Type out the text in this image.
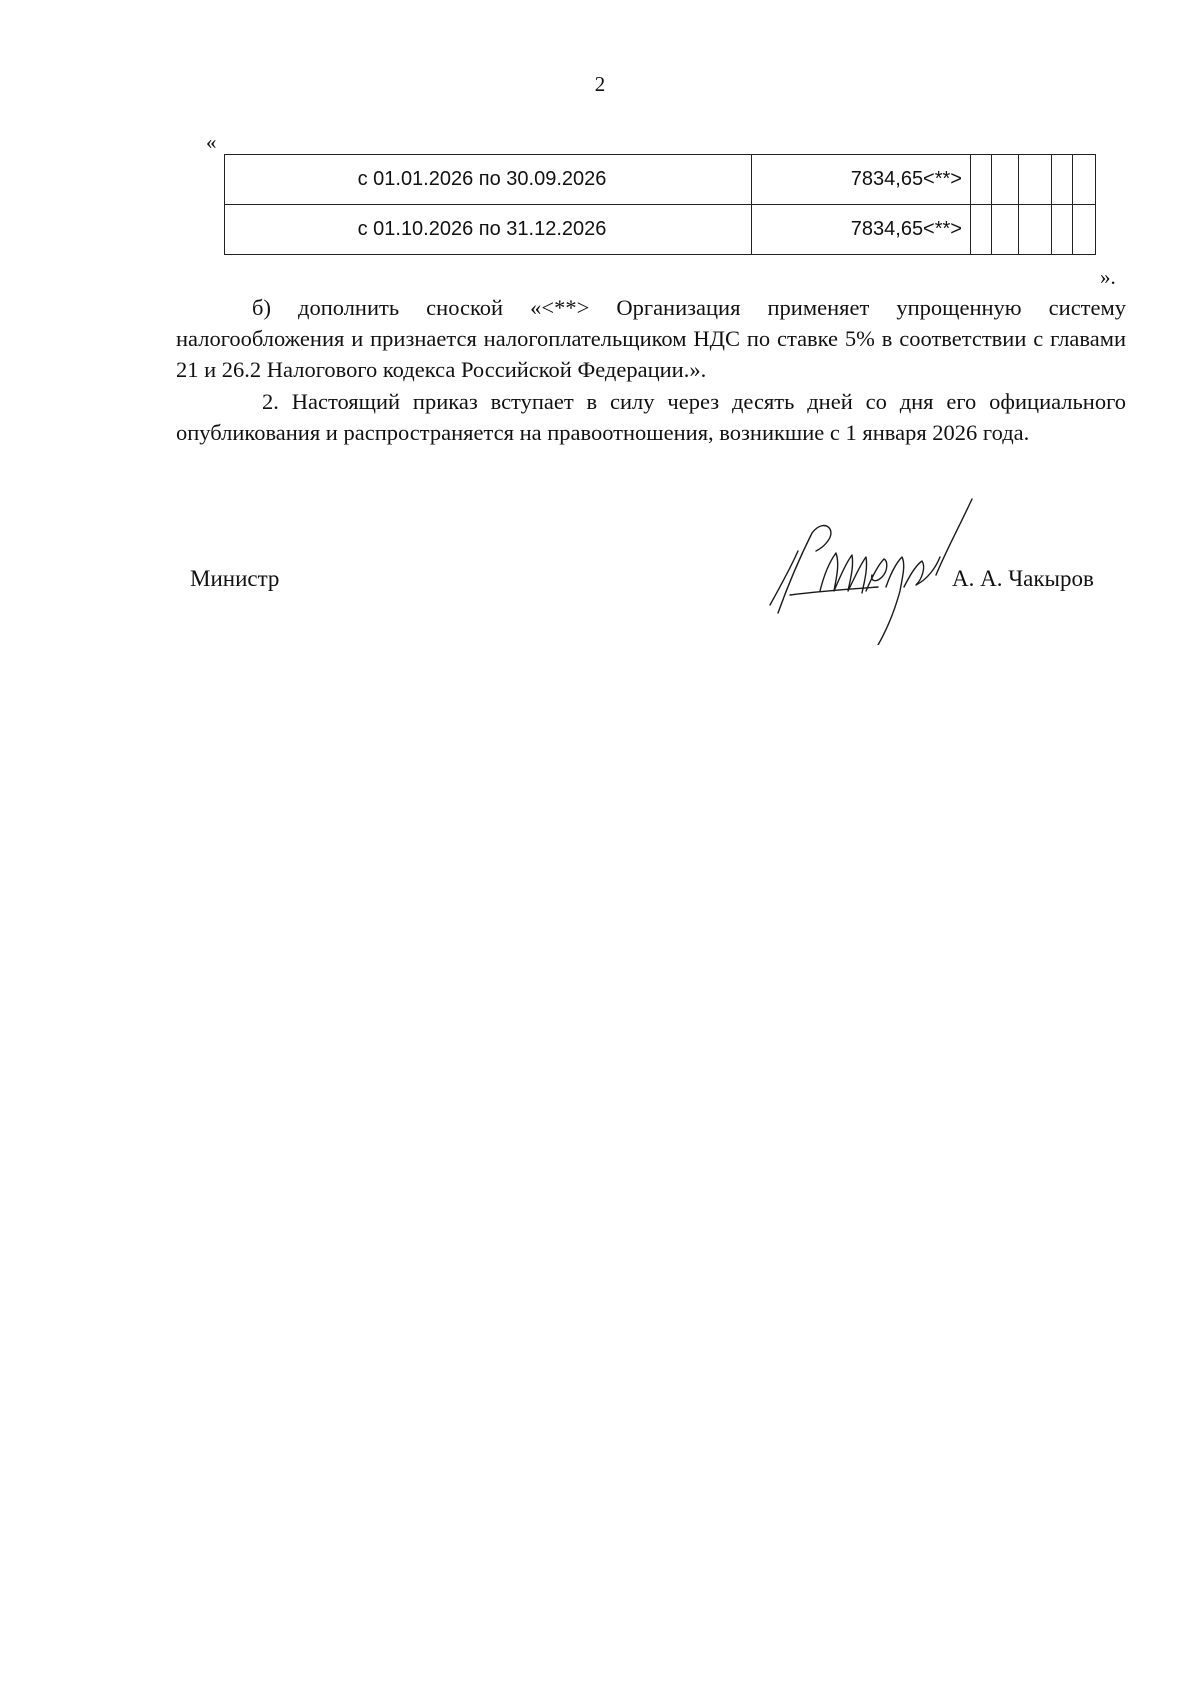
2
«
с 01.01.2026 по 30.09.2026	7834,65<**>					
с 01.10.2026 по 31.12.2026	7834,65<**>					
».

б) дополнить сноской «<**> Организация применяет упрощенную систему налогообложения и признается налогоплательщиком НДС по ставке 5% в соответствии с главами 21 и 26.2 Налогового кодекса Российской Федерации.».

2. Настоящий приказ вступает в силу через десять дней со дня его официального опубликования и распространяется на правоотношения, возникшие с 1 января 2026 года.

Министр	А. А. Чакыров
